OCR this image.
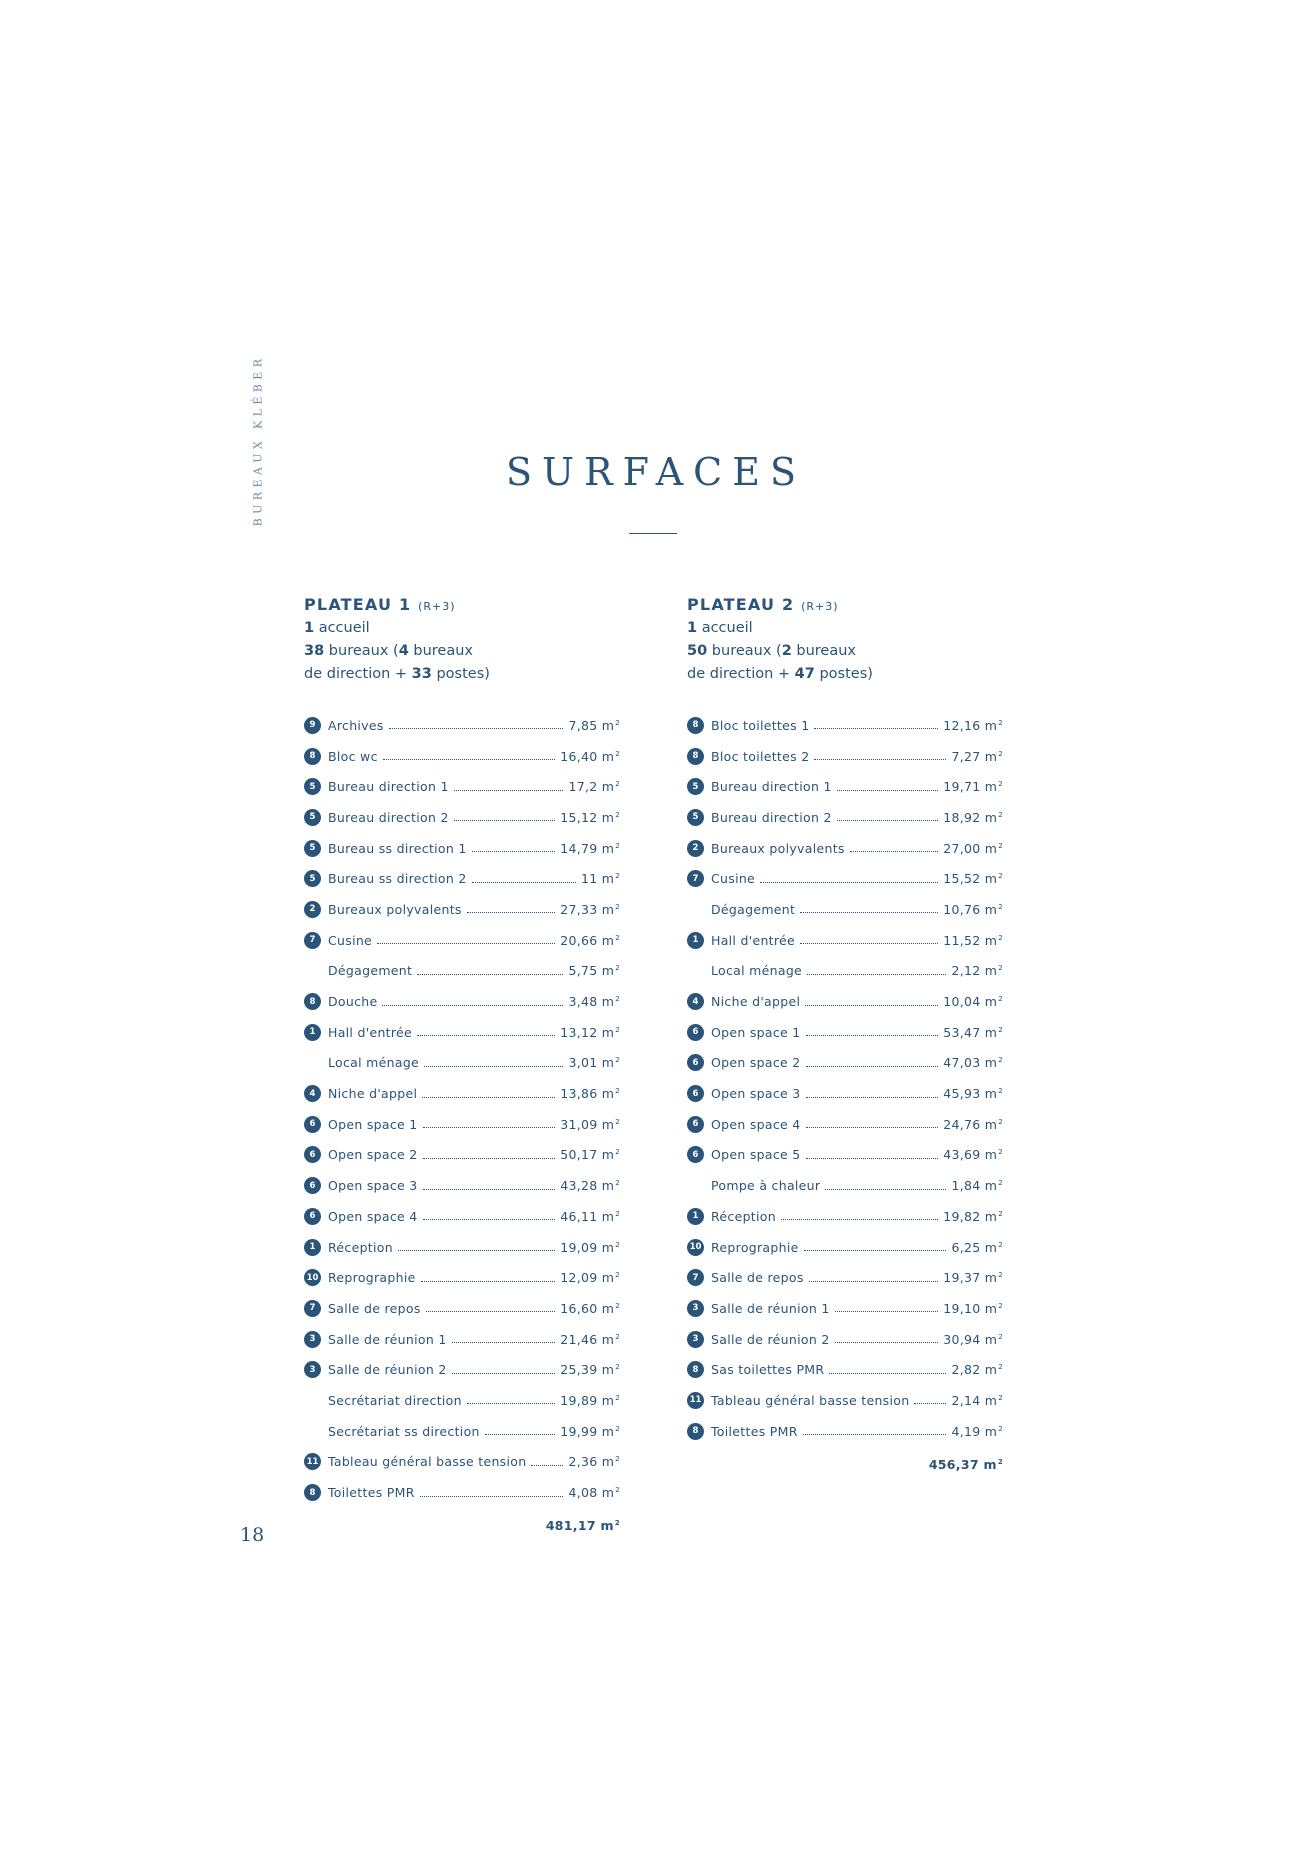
BUREAUX KLÉBER	SURFACES
PLATEAU 1 (R+3)
1 accueil
38 bureaux (4 bureaux
de direction + 33 postes)
9	Archives	7,85 $m^2$
8	Bloc wc	16,40 $m^2$
5	Bureau direction 1	17,2 $m^2$
5	Bureau direction 2	15,12 $m^2$
5	Bureau ss direction 1	14,79 $m^2$
5	Bureau ss direction 2	11 $m^2$
2	Bureaux polyvalents	27,33 $m^2$
7	Cusine	20,66 $m^2$
Dégagement	5,75 $m^2$
8	Douche	3,48 $m^2$
1	Hall d'entrée	13,12 $m^2$
Local ménage	3,01 $m^2$
4	Niche d'appel	13,86 $m^2$
6	Open space 1	31,09 $m^2$
6	Open space 2	50,17 $m^2$
6	Open space 3	43,28 $m^2$
6	Open space 4	46,11 $m^2$
1	Réception	19,09 $m^2$
10 Reprographie	12,09 $m^2$
7	Salle de repos	16,60 $m^2$
3	Salle de réunion 1	21,46 $m^2$
3	Salle de réunion 2	25,39 $m^2$
Secrétariat direction	19,89 $m^2$
Secrétariat ss direction	19,99 $m^2$
11 Tableau général basse tension	2,36 $m^2$
8	Toilettes PMR	4,08 $m^2$
481,17 $m^2$
PLATEAU 2 (R+3)
1 accueil
50 bureaux (2 bureaux
de direction + 47 postes)
8	Bloc toilettes 1	12,16 $m^2$
8	Bloc toilettes 2	7,27 $m^2$
5	Bureau direction 1	19,71 $m^2$
5	Bureau direction 2	18,92 $m^2$
2	Bureaux polyvalents	27,00 $m^2$
7	Cusine	15,52 $m^2$
Dégagement	10,76 $m^2$
1	Hall d'entrée	11,52 $m^2$
Local ménage	2,12 $m^2$
4	Niche d'appel	10,04 $m^2$
6	Open space 1	53,47 $m^2$
6	Open space 2	47,03 $m^2$
6	Open space 3	45,93 $m^2$
6	Open space 4	24,76 $m^2$
6	Open space 5	43,69 $m^2$
Pompe à chaleur	1,84 $m^2$
1	Réception	19,82 $m^2$
10 Reprographie	6,25 $m^2$
7	Salle de repos	19,37 $m^2$
3	Salle de réunion 1	19,10 $m^2$
3	Salle de réunion 2	30,94 $m^2$
8	Sas toilettes PMR	2,82 $m^2$
11 Tableau général basse tension	2,14 $m^2$
8	Toilettes PMR	4,19 $m^2$
456,37 $m^2$
18
